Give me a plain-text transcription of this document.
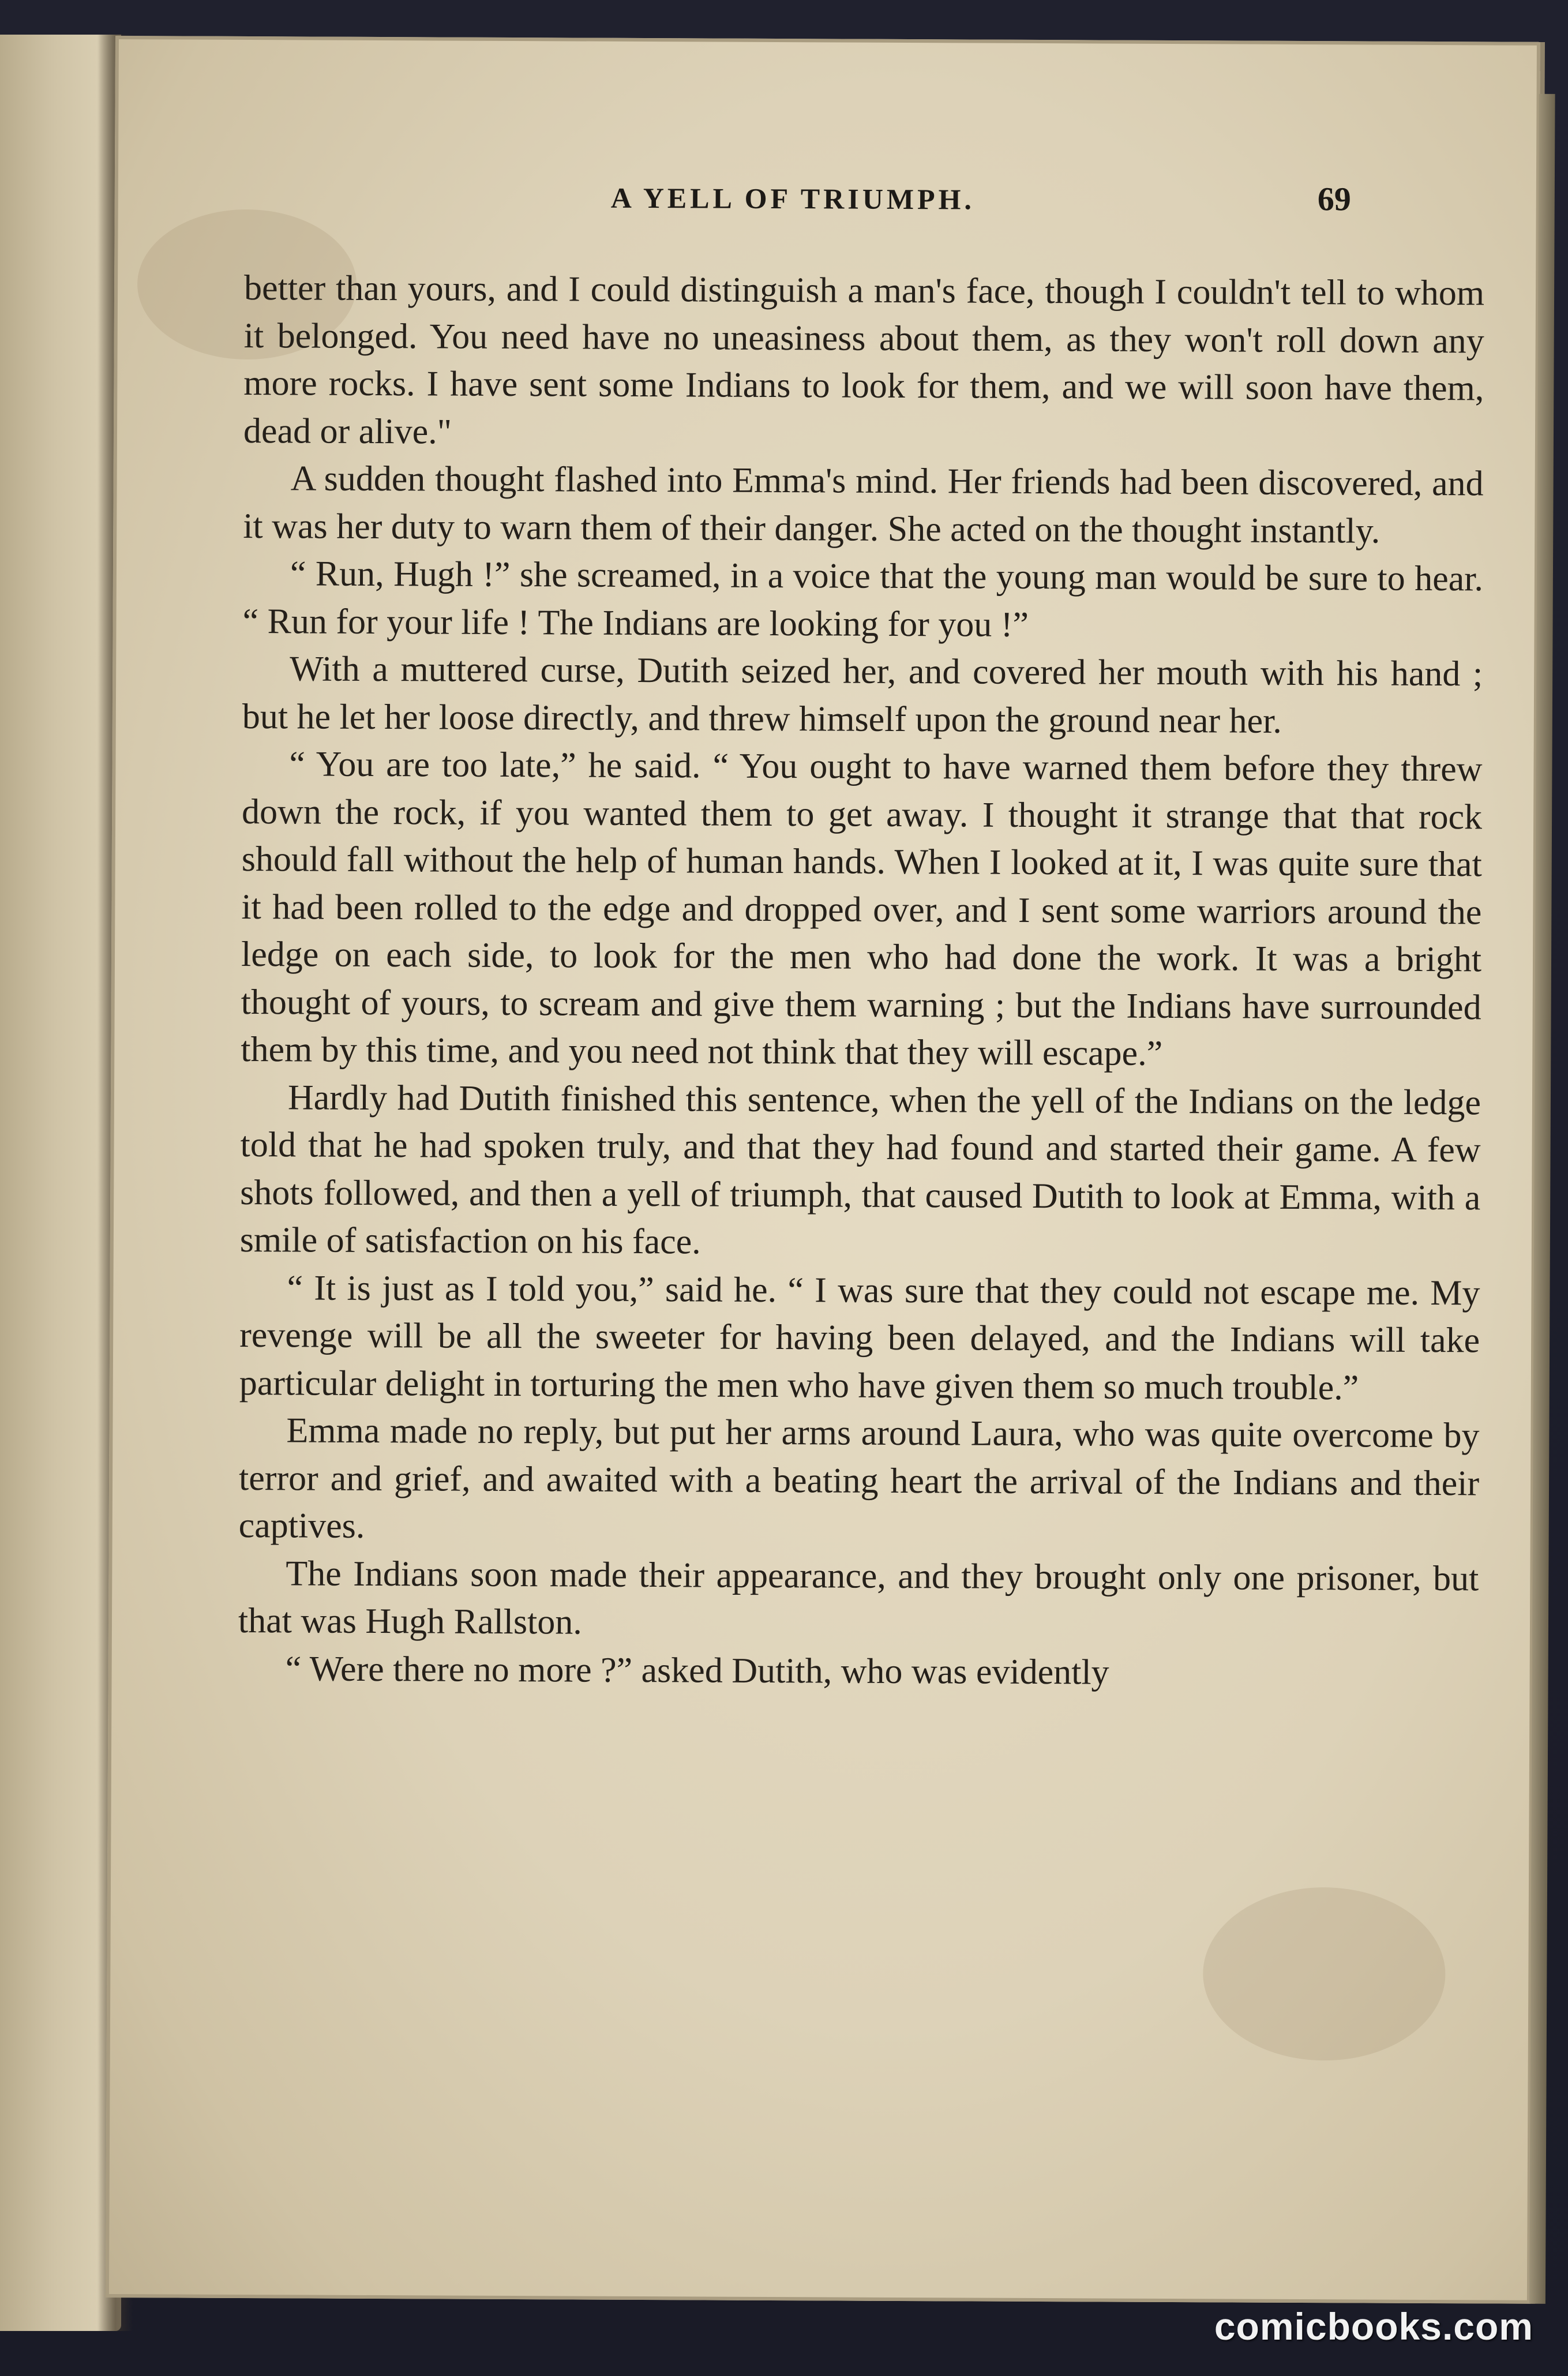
A YELL OF TRIUMPH.	69

better than yours, and I could distinguish a man's face, though I couldn't tell to whom it belonged. You need have no uneasiness about them, as they won't roll down any more rocks. I have sent some Indians to look for them, and we will soon have them, dead or alive."

A sudden thought flashed into Emma's mind. Her friends had been discovered, and it was her duty to warn them of their danger. She acted on the thought instantly.

“ Run, Hugh !” she screamed, in a voice that the young man would be sure to hear. “ Run for your life ! The Indians are looking for you !”

With a muttered curse, Dutith seized her, and covered her mouth with his hand ; but he let her loose directly, and threw himself upon the ground near her.

“ You are too late,” he said. “ You ought to have warned them before they threw down the rock, if you wanted them to get away. I thought it strange that that rock should fall without the help of human hands. When I looked at it, I was quite sure that it had been rolled to the edge and dropped over, and I sent some warriors around the ledge on each side, to look for the men who had done the work. It was a bright thought of yours, to scream and give them warning ; but the Indians have surrounded them by this time, and you need not think that they will escape.”

Hardly had Dutith finished this sentence, when the yell of the Indians on the ledge told that he had spoken truly, and that they had found and started their game. A few shots followed, and then a yell of triumph, that caused Dutith to look at Emma, with a smile of satisfaction on his face.

“ It is just as I told you,” said he. “ I was sure that they could not escape me. My revenge will be all the sweeter for having been delayed, and the Indians will take particular delight in torturing the men who have given them so much trouble.”

Emma made no reply, but put her arms around Laura, who was quite overcome by terror and grief, and awaited with a beating heart the arrival of the Indians and their captives.

The Indians soon made their appearance, and they brought only one prisoner, but that was Hugh Rallston.

“ Were there no more ?” asked Dutith, who was evidently

comicbooks.com
